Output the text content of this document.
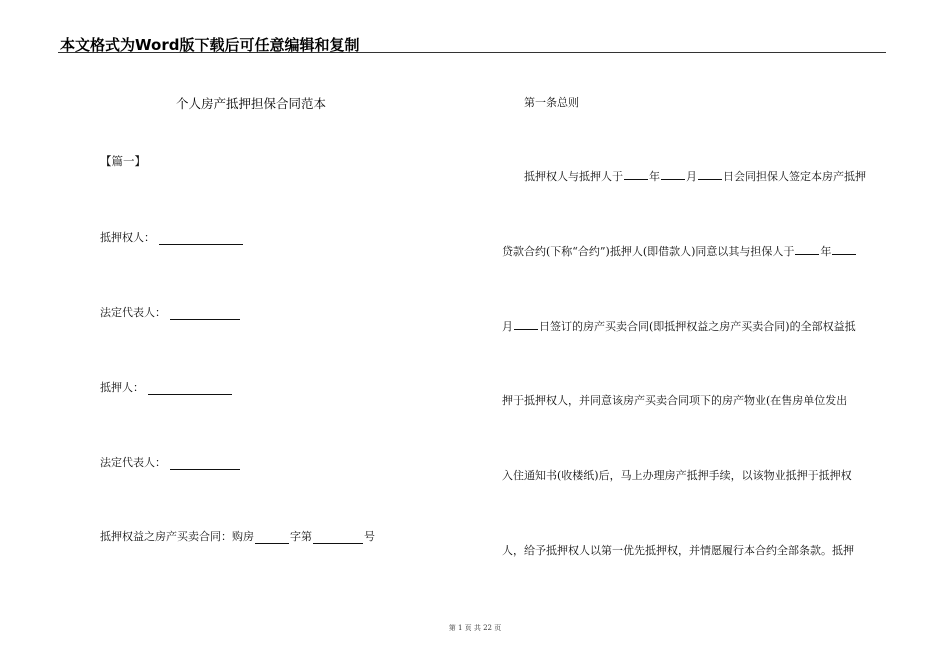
本文格式为Word版下载后可任意编辑和复制
个人房产抵押担保合同范本
【篇一】
抵押权人：
法定代表人：
抵押人：
法定代表人：
抵押权益之房产买卖合同：购房	字第	号
第一条总则
抵押权人与抵押人于 年 月 日会同担保人签定本房产抵押
贷款合约(下称“合约”)抵押人(即借款人)同意以其与担保人于 年
月 日签订的房产买卖合同(即抵押权益之房产买卖合同)的全部权益抵
押于抵押权人，并同意该房产买卖合同项下的房产物业(在售房单位发出
入住通知书(收楼纸)后，马上办理房产抵押手续，以该物业抵押于抵押权
人，给予抵押权人以第一优先抵押权，并情愿履行本合约全部条款。抵押
第 1 页 共 22 页
